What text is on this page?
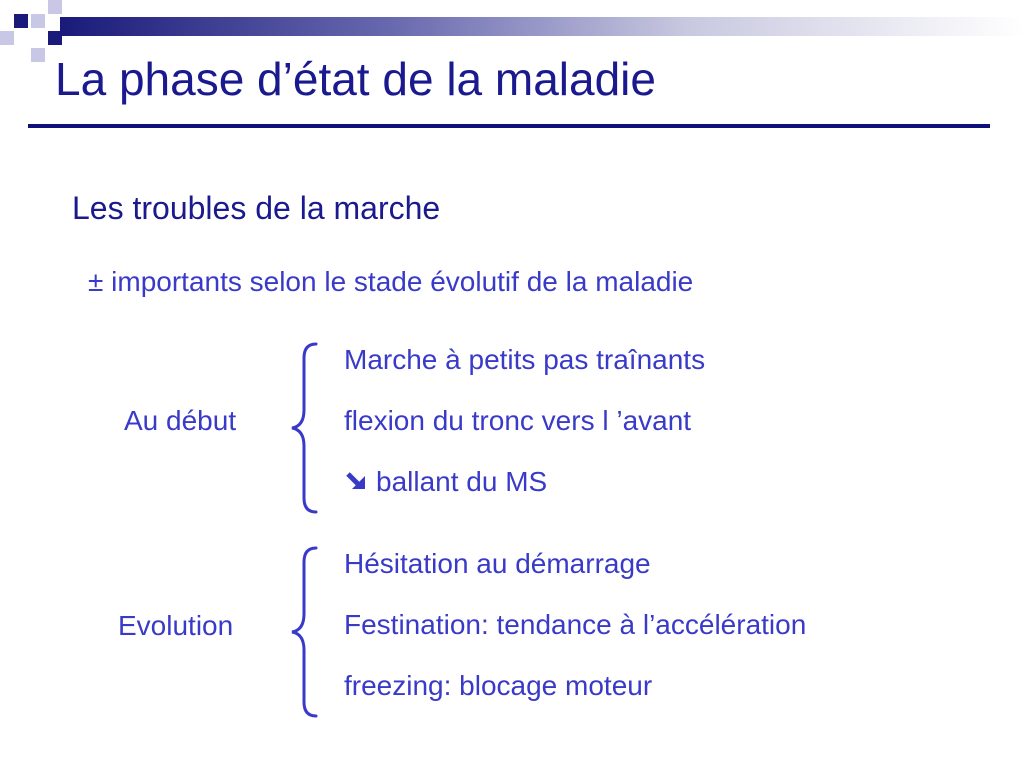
La phase d’état de la maladie
Les troubles de la marche
± importants selon le stade évolutif de la maladie
Au début
Marche à petits pas traînants
flexion du tronc vers l ’avant
ballant du MS
Evolution
Hésitation au démarrage
Festination: tendance à l’accélération
freezing: blocage moteur
